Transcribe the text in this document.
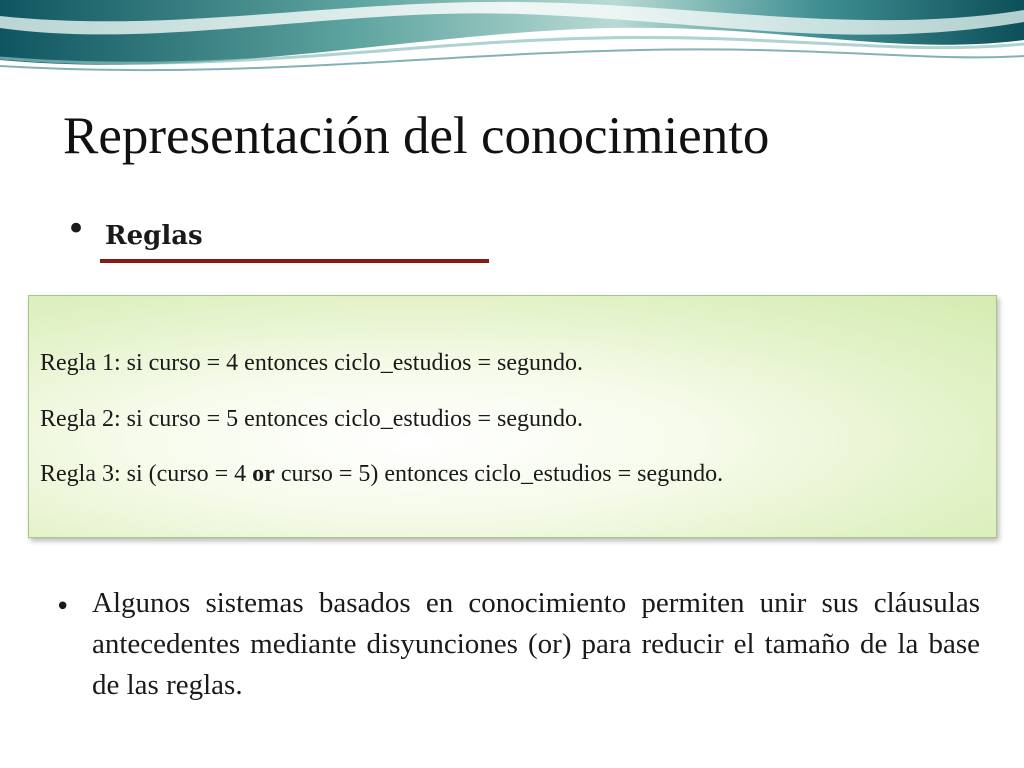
Representación del conocimiento
• Reglas
Regla 1: si curso = 4 entonces ciclo_estudios = segundo.
Regla 2: si curso = 5 entonces ciclo_estudios = segundo.
Regla 3: si (curso = 4 or curso = 5) entonces ciclo_estudios = segundo.
• Algunos sistemas basados en conocimiento permiten unir sus cláusulas antecedentes mediante disyunciones (or) para reducir el tamaño de la base de las reglas.
